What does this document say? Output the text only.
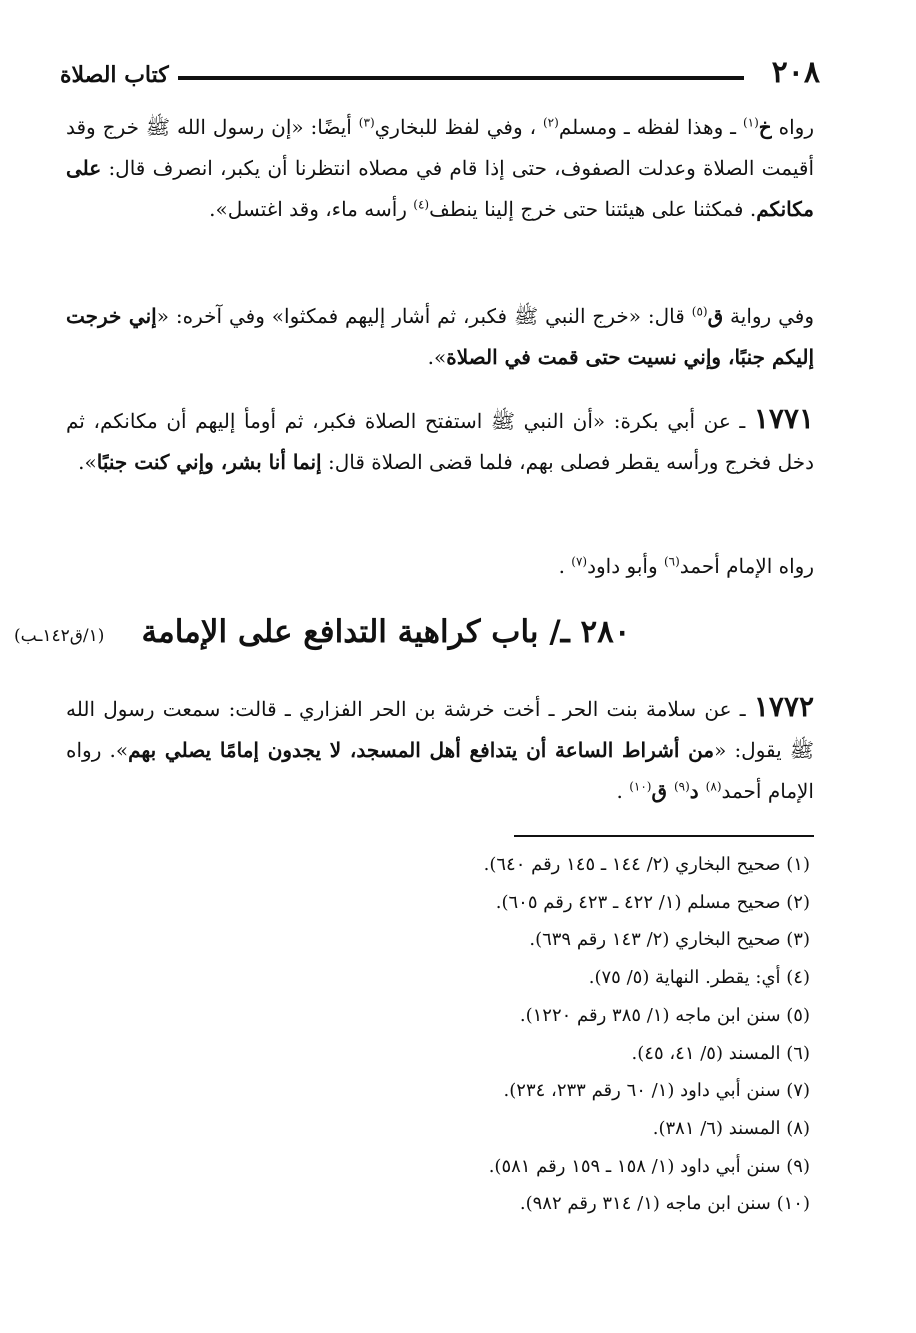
٢٠٨
كتاب الصلاة
رواه خ$^{(١)}$ ـ وهذا لفظه ـ ومسلم$^{(٢)}$ ، وفي لفظ للبخاري$^{(٣)}$ أيضًا: «إن رسول الله ﷺ خرج وقد أقيمت الصلاة وعدلت الصفوف، حتى إذا قام في مصلاه انتظرنا أن يكبر، انصرف قال: على مكانكم. فمكثنا على هيئتنا حتى خرج إلينا ينطف$^{(٤)}$ رأسه ماء، وقد اغتسل».
وفي رواية ق$^{(٥)}$ قال: «خرج النبي ﷺ فكبر، ثم أشار إليهم فمكثوا» وفي آخره: «إني خرجت إليكم جنبًا، وإني نسيت حتى قمت في الصلاة».
١٧٧١ ـ عن أبي بكرة: «أن النبي ﷺ استفتح الصلاة فكبر، ثم أومأ إليهم أن مكانكم، ثم دخل فخرج ورأسه يقطر فصلى بهم، فلما قضى الصلاة قال: إنما أنا بشر، وإني كنت جنبًا».
رواه الإمام أحمد$^{(٦)}$ وأبو داود$^{(٧)}$ .
٢٨٠ ـ/ باب كراهية التدافع على الإمامة
(١/ق١٤٢ـب)
١٧٧٢ ـ عن سلامة بنت الحر ـ أخت خرشة بن الحر الفزاري ـ قالت: سمعت رسول الله ﷺ يقول: «من أشراط الساعة أن يتدافع أهل المسجد، لا يجدون إمامًا يصلي بهم». رواه الإمام أحمد$^{(٨)}$ د$^{(٩)}$ ق$^{(١٠)}$ .
(١) صحيح البخاري (٢/ ١٤٤ ـ ١٤٥ رقم ٦٤٠).
(٢) صحيح مسلم (١/ ٤٢٢ ـ ٤٢٣ رقم ٦٠٥).
(٣) صحيح البخاري (٢/ ١٤٣ رقم ٦٣٩).
(٤) أي: يقطر. النهاية (٥/ ٧٥).
(٥) سنن ابن ماجه (١/ ٣٨٥ رقم ١٢٢٠).
(٦) المسند (٥/ ٤١، ٤٥).
(٧) سنن أبي داود (١/ ٦٠ رقم ٢٣٣، ٢٣٤).
(٨) المسند (٦/ ٣٨١).
(٩) سنن أبي داود (١/ ١٥٨ ـ ١٥٩ رقم ٥٨١).
(١٠) سنن ابن ماجه (١/ ٣١٤ رقم ٩٨٢).
